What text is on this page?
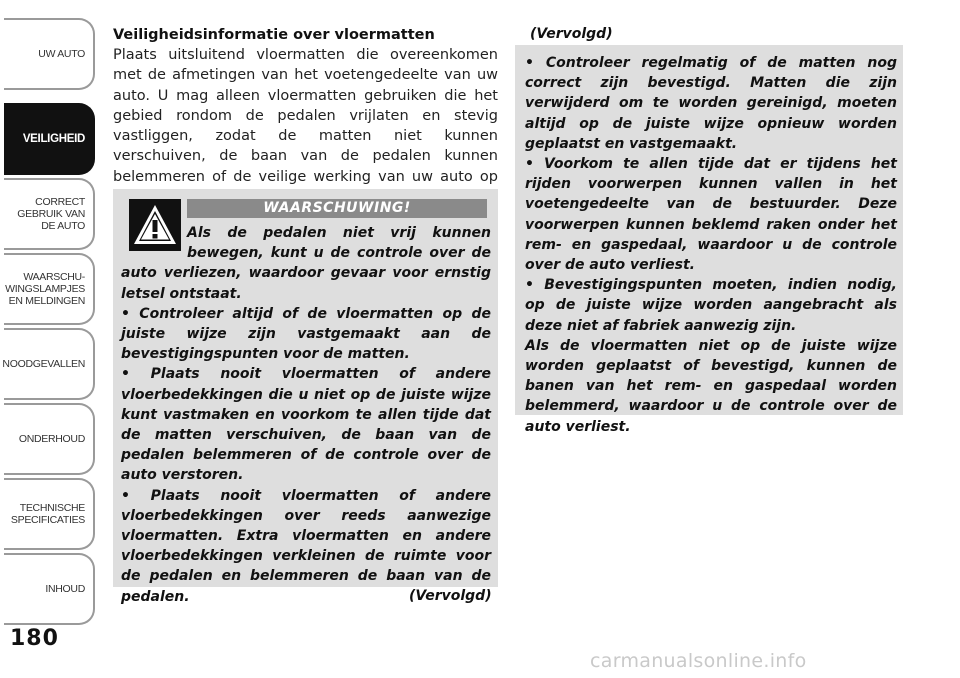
UW AUTO
VEILIGHEID
CORRECT
GEBRUIK VAN
DE AUTO
WAARSCHU-
WINGSLAMPJES
EN MELDINGEN
NOODGEVALLEN
ONDERHOUD
TECHNISCHE
SPECIFICATIES
INHOUD
180

Veiligheidsinformatie over vloermatten

Plaats uitsluitend vloermatten die overeenkomen met de afmetingen van het voetengedeelte van uw auto. U mag alleen vloermatten gebruiken die het gebied rondom de pedalen vrijlaten en stevig vastliggen, zodat de matten niet kunnen verschuiven, de baan van de pedalen kunnen belemmeren of de veilige werking van uw auto op

WAARSCHUWING!

Als de pedalen niet vrij kunnen bewegen, kunt u de controle over de auto verliezen, waardoor gevaar voor ernstig letsel ontstaat.

• Controleer altijd of de vloermatten op de juiste wijze zijn vastgemaakt aan de bevestigingspunten voor de matten.

• Plaats nooit vloermatten of andere vloerbedekkingen die u niet op de juiste wijze kunt vastmaken en voorkom te allen tijde dat de matten verschuiven, de baan van de pedalen belemmeren of de controle over de auto verstoren.

• Plaats nooit vloermatten of andere vloerbedekkingen over reeds aanwezige vloermatten. Extra vloermatten en andere vloerbedekkingen verkleinen de ruimte voor de pedalen en belemmeren de baan van de pedalen.	(Vervolgd)
(Vervolgd)

• Controleer regelmatig of de matten nog correct zijn bevestigd. Matten die zijn verwijderd om te worden gereinigd, moeten altijd op de juiste wijze opnieuw worden geplaatst en vastgemaakt.

• Voorkom te allen tijde dat er tijdens het rijden voorwerpen kunnen vallen in het voetengedeelte van de bestuurder. Deze voorwerpen kunnen beklemd raken onder het rem- en gaspedaal, waardoor u de controle over de auto verliest.

• Bevestigingspunten moeten, indien nodig, op de juiste wijze worden aangebracht als deze niet af fabriek aanwezig zijn.

Als de vloermatten niet op de juiste wijze worden geplaatst of bevestigd, kunnen de banen van het rem- en gaspedaal worden belemmerd, waardoor u de controle over de auto verliest.

carmanualsonline.info
